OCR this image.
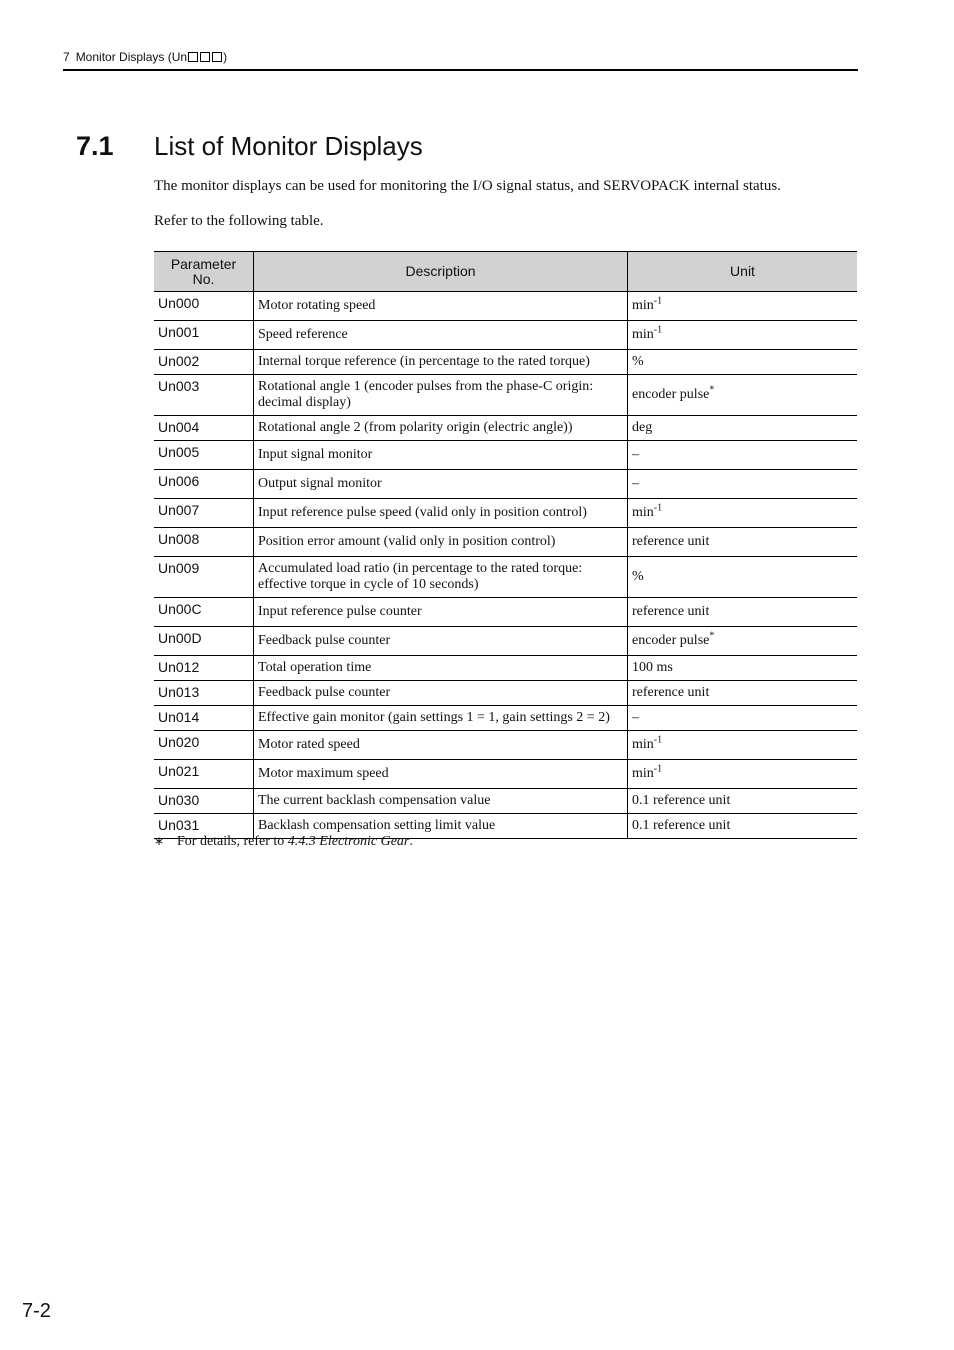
7 Monitor Displays (Un	)
7.1 List of Monitor Displays
The monitor displays can be used for monitoring the I/O signal status, and SERVOPACK internal status.
Refer to the following table.
Parameter
No.	Description	Unit
Un000	Motor rotating speed	$\min^{-1}$
Un001	Speed reference	$\min^{-1}$
Un002	Internal torque reference (in percentage to the rated torque)	%
Un003	Rotational angle 1 (encoder pulses from the phase-C origin: decimal display)	encoder pulse*
Un004	Rotational angle 2 (from polarity origin (electric angle))	deg
Un005	Input signal monitor	–
Un006	Output signal monitor	–
Un007	Input reference pulse speed (valid only in position control)	$\min^{-1}$
Un008	Position error amount (valid only in position control)	reference unit
Un009	Accumulated load ratio (in percentage to the rated torque: effective torque in cycle of 10 seconds)	%
Un00C	Input reference pulse counter	reference unit
Un00D	Feedback pulse counter	encoder pulse*
Un012	Total operation time	100 ms
Un013	Feedback pulse counter	reference unit
Un014	Effective gain monitor (gain settings 1 = 1, gain settings 2 = 2)	–
Un020	Motor rated speed	$\min^{-1}$
Un021	Motor maximum speed	$\min^{-1}$
Un030	The current backlash compensation value	0.1 reference unit
Un031	Backlash compensation setting limit value	0.1 reference unit
∗ For details, refer to 4.4.3 Electronic Gear.
7-2
